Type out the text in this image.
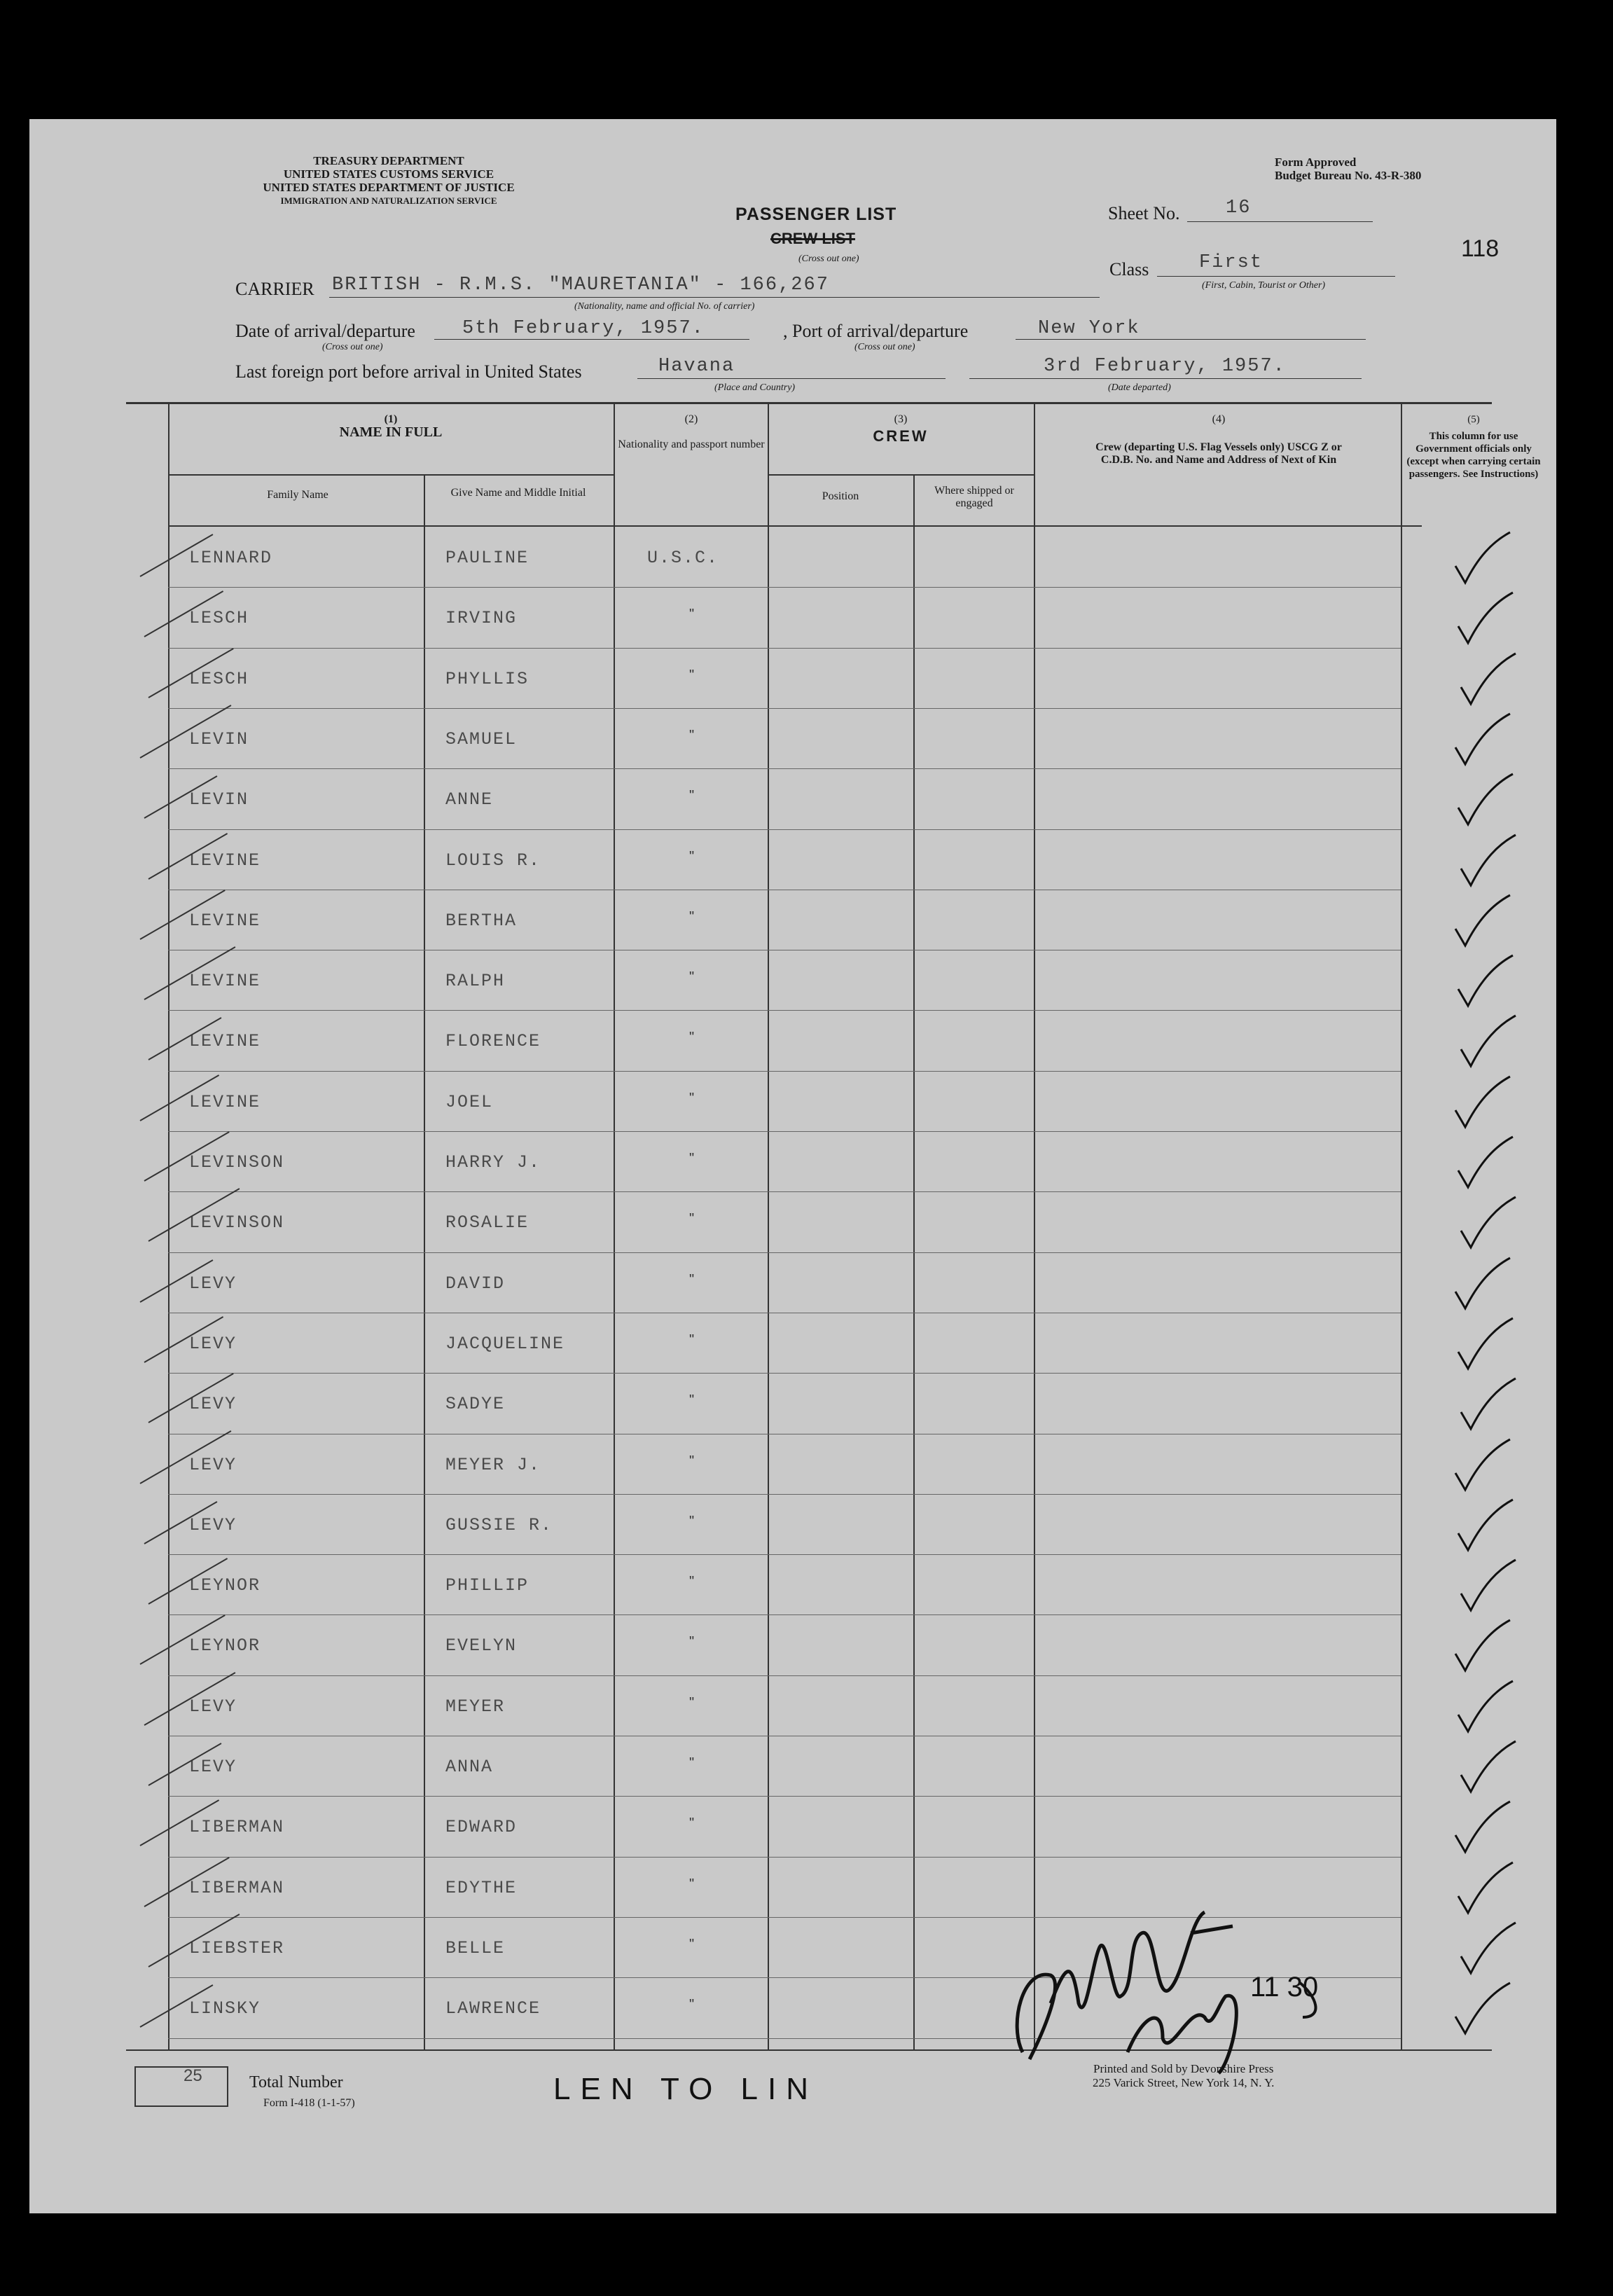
TREASURY DEPARTMENT
UNITED STATES CUSTOMS SERVICE
UNITED STATES DEPARTMENT OF JUSTICE
IMMIGRATION AND NATURALIZATION SERVICE
Form Approved
Budget Bureau No. 43-R-380
PASSENGER LIST
CREW LIST
(Cross out one)
Sheet No. 16
118
Class	First
(First, Cabin, Tourist or Other)
CARRIER BRITISH - R.M.S. "MAURETANIA" - 166,267
(Nationality, name and official No. of carrier)
Date of arrival/departure
(Cross out one)
5th February, 1957.	, Port of arrival/departure
(Cross out one)
New York
Last foreign port before arrival in United States	Havana
(Place and Country)
3rd February, 1957.
(Date departed)
(1)
NAME IN FULL
Family Name	Give Name and Middle Initial
(2)
Nationality and passport number
(3)
CREW
Position	Where shipped or engaged
(4)
Crew (departing U.S. Flag Vessels only) USCG Z or C.D.B. No. and Name and Address of Next of Kin
(5)
This column for use Government officials only (except when carrying certain passengers. See Instructions)
LENNARD	PAULINE	U.S.C.
LESCH	IRVING	"
LESCH	PHYLLIS	"
LEVIN	SAMUEL	"
LEVIN	ANNE	"
LEVINE	LOUIS R.	"
LEVINE	BERTHA	"
LEVINE	RALPH	"
LEVINE	FLORENCE	"
LEVINE	JOEL	"
LEVINSON	HARRY J.	"
LEVINSON	ROSALIE	"
LEVY	DAVID	"
LEVY	JACQUELINE	"
LEVY	SADYE	"
LEVY	MEYER J.	"
LEVY	GUSSIE R.	"
LEYNOR	PHILLIP	"
LEYNOR	EVELYN	"
LEVY	MEYER	"
LEVY	ANNA	"
LIBERMAN	EDWARD	"
LIBERMAN	EDYTHE	"
LIEBSTER	BELLE	"
LINSKY	LAWRENCE	"
25	Total Number
Form I-418 (1-1-57)	LEN TO LIN
Printed and Sold by Devonshire Press
225 Varick Street, New York 14, N. Y.
11 30
